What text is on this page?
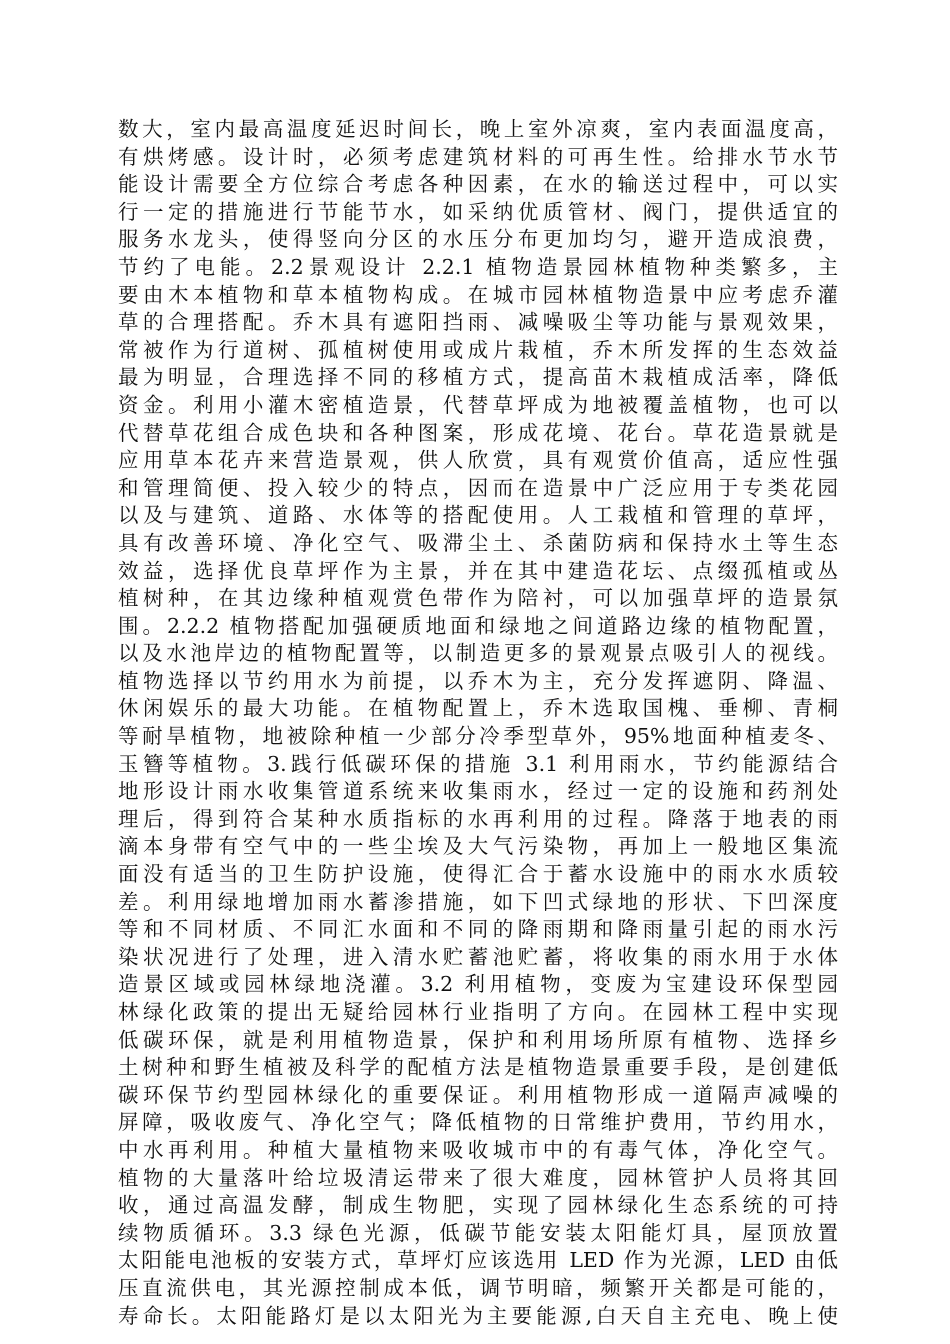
数大，室内最高温度延迟时间长，晚上室外凉爽，室内表面温度高，
有烘烤感。设计时，必须考虑建筑材料的可再生性。给排水节水节
能设计需要全方位综合考虑各种因素，在水的输送过程中，可以实
行一定的措施进行节能节水，如采纳优质管材、阀门，提供适宜的
服务水龙头，使得竖向分区的水压分布更加均匀，避开造成浪费，
节约了电能。2.2景观设计 2.2.1 植物造景园林植物种类繁多，主
要由木本植物和草本植物构成。在城市园林植物造景中应考虑乔灌
草的合理搭配。乔木具有遮阳挡雨、减噪吸尘等功能与景观效果，
常被作为行道树、孤植树使用或成片栽植，乔木所发挥的生态效益
最为明显，合理选择不同的移植方式，提高苗木栽植成活率，降低
资金。利用小灌木密植造景，代替草坪成为地被覆盖植物，也可以
代替草花组合成色块和各种图案，形成花境、花台。草花造景就是
应用草本花卉来营造景观，供人欣赏，具有观赏价值高，适应性强
和管理简便、投入较少的特点，因而在造景中广泛应用于专类花园
以及与建筑、道路、水体等的搭配使用。人工栽植和管理的草坪，
具有改善环境、净化空气、吸滞尘土、杀菌防病和保持水土等生态
效益，选择优良草坪作为主景，并在其中建造花坛、点缀孤植或丛
植树种，在其边缘种植观赏色带作为陪衬，可以加强草坪的造景氛
围。2.2.2 植物搭配加强硬质地面和绿地之间道路边缘的植物配置，
以及水池岸边的植物配置等，以制造更多的景观景点吸引人的视线。
植物选择以节约用水为前提，以乔木为主，充分发挥遮阴、降温、
休闲娱乐的最大功能。在植物配置上，乔木选取国槐、垂柳、青桐
等耐旱植物，地被除种植一少部分冷季型草外，95%地面种植麦冬、
玉簪等植物。3.践行低碳环保的措施 3.1 利用雨水，节约能源结合
地形设计雨水收集管道系统来收集雨水，经过一定的设施和药剂处
理后，得到符合某种水质指标的水再利用的过程。降落于地表的雨
滴本身带有空气中的一些尘埃及大气污染物，再加上一般地区集流
面没有适当的卫生防护设施，使得汇合于蓄水设施中的雨水水质较
差。利用绿地增加雨水蓄渗措施，如下凹式绿地的形状、下凹深度
等和不同材质、不同汇水面和不同的降雨期和降雨量引起的雨水污
染状况进行了处理，进入清水贮蓄池贮蓄，将收集的雨水用于水体
造景区域或园林绿地浇灌。3.2 利用植物，变废为宝建设环保型园
林绿化政策的提出无疑给园林行业指明了方向。在园林工程中实现
低碳环保，就是利用植物造景，保护和利用场所原有植物、选择乡
土树种和野生植被及科学的配植方法是植物造景重要手段，是创建低
碳环保节约型园林绿化的重要保证。利用植物形成一道隔声减噪的
屏障，吸收废气、净化空气；降低植物的日常维护费用，节约用水，
中水再利用。种植大量植物来吸收城市中的有毒气体，净化空气。
植物的大量落叶给垃圾清运带来了很大难度，园林管护人员将其回
收，通过高温发酵，制成生物肥，实现了园林绿化生态系统的可持
续物质循环。3.3 绿色光源，低碳节能安装太阳能灯具，屋顶放置
太阳能电池板的安装方式，草坪灯应该选用 LED 作为光源，LED 由低
压直流供电，其光源控制成本低，调节明暗，频繁开关都是可能的，
寿命长。太阳能路灯是以太阳光为主要能源,白天自主充电、晚上使
